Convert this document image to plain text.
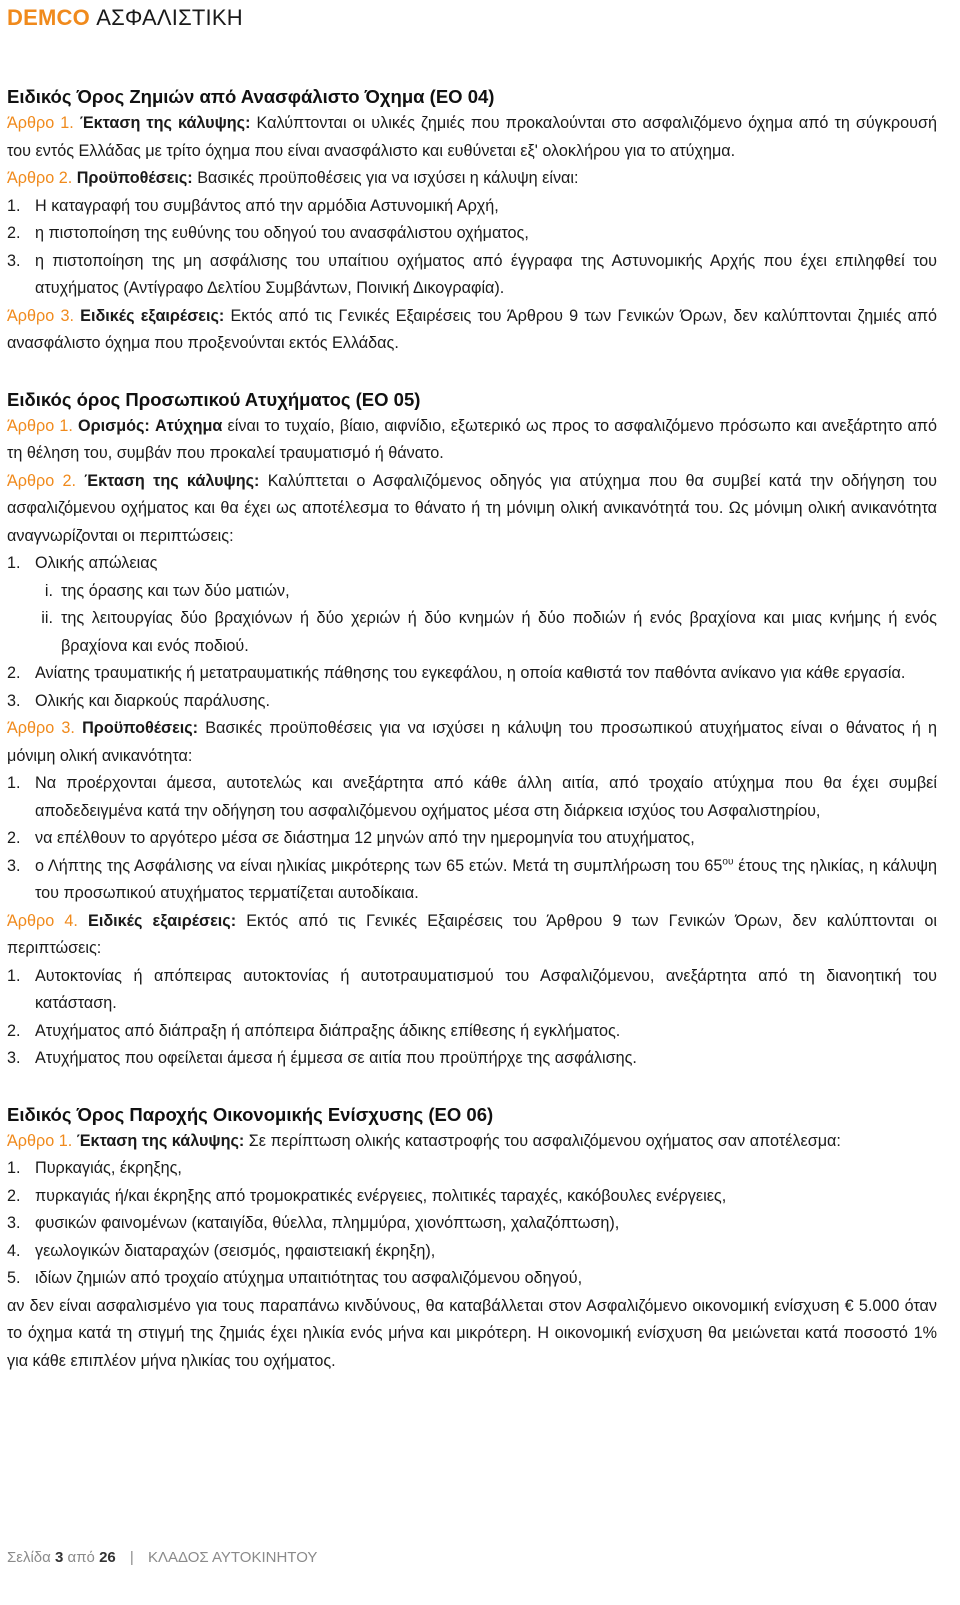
DEMCO ΑΣΦΑΛΙΣΤΙΚΗ

Ειδικός Όρος Ζημιών από Ανασφάλιστο Όχημα (ΕΟ 04)

Άρθρο 1. Έκταση της κάλυψης: Καλύπτονται οι υλικές ζημιές που προκαλούνται στο ασφαλιζόμενο όχημα από τη σύγκρουσή του εντός Ελλάδας με τρίτο όχημα που είναι ανασφάλιστο και ευθύνεται εξ' ολοκλήρου για το ατύχημα.

Άρθρο 2. Προϋποθέσεις: Βασικές προϋποθέσεις για να ισχύσει η κάλυψη είναι:

1. Η καταγραφή του συμβάντος από την αρμόδια Αστυνομική Αρχή,
2. η πιστοποίηση της ευθύνης του οδηγού του ανασφάλιστου οχήματος,
3. η πιστοποίηση της μη ασφάλισης του υπαίτιου οχήματος από έγγραφα της Αστυνομικής Αρχής που έχει επιληφθεί του ατυχήματος (Αντίγραφο Δελτίου Συμβάντων, Ποινική Δικογραφία).

Άρθρο 3. Ειδικές εξαιρέσεις: Εκτός από τις Γενικές Εξαιρέσεις του Άρθρου 9 των Γενικών Όρων, δεν καλύπτονται ζημιές από ανασφάλιστο όχημα που προξενούνται εκτός Ελλάδας.

Ειδικός όρος Προσωπικού Ατυχήματος (ΕΟ 05)

Άρθρο 1. Ορισμός: Ατύχημα είναι το τυχαίο, βίαιο, αιφνίδιο, εξωτερικό ως προς το ασφαλιζόμενο πρόσωπο και ανεξάρτητο από τη θέληση του, συμβάν που προκαλεί τραυματισμό ή θάνατο.

Άρθρο 2. Έκταση της κάλυψης: Καλύπτεται ο Ασφαλιζόμενος οδηγός για ατύχημα που θα συμβεί κατά την οδήγηση του ασφαλιζόμενου οχήματος και θα έχει ως αποτέλεσμα το θάνατο ή τη μόνιμη ολική ανικανότητά του. Ως μόνιμη ολική ανικανότητα αναγνωρίζονται οι περιπτώσεις:

1. Ολικής απώλειας
i. της όρασης και των δύο ματιών,
ii. της λειτουργίας δύο βραχιόνων ή δύο χεριών ή δύο κνημών ή δύο ποδιών ή ενός βραχίονα και μιας κνήμης ή ενός βραχίονα και ενός ποδιού.
2. Ανίατης τραυματικής ή μετατραυματικής πάθησης του εγκεφάλου, η οποία καθιστά τον παθόντα ανίκανο για κάθε εργασία.
3. Ολικής και διαρκούς παράλυσης.

Άρθρο 3. Προϋποθέσεις: Βασικές προϋποθέσεις για να ισχύσει η κάλυψη του προσωπικού ατυχήματος είναι ο θάνατος ή η μόνιμη ολική ανικανότητα:

1. Να προέρχονται άμεσα, αυτοτελώς και ανεξάρτητα από κάθε άλλη αιτία, από τροχαίο ατύχημα που θα έχει συμβεί αποδεδειγμένα κατά την οδήγηση του ασφαλιζόμενου οχήματος μέσα στη διάρκεια ισχύος του Ασφαλιστηρίου,
2. να επέλθουν το αργότερο μέσα σε διάστημα 12 μηνών από την ημερομηνία του ατυχήματος,
3. ο Λήπτης της Ασφάλισης να είναι ηλικίας μικρότερης των 65 ετών. Μετά τη συμπλήρωση του $65^{o\upsilon}$ έτους της ηλικίας, η κάλυψη του προσωπικού ατυχήματος τερματίζεται αυτοδίκαια.

Άρθρο 4. Ειδικές εξαιρέσεις: Εκτός από τις Γενικές Εξαιρέσεις του Άρθρου 9 των Γενικών Όρων, δεν καλύπτονται οι περιπτώσεις:

1. Αυτοκτονίας ή απόπειρας αυτοκτονίας ή αυτοτραυματισμού του Ασφαλιζόμενου, ανεξάρτητα από τη διανοητική του κατάσταση.
2. Ατυχήματος από διάπραξη ή απόπειρα διάπραξης άδικης επίθεσης ή εγκλήματος.
3. Ατυχήματος που οφείλεται άμεσα ή έμμεσα σε αιτία που προϋπήρχε της ασφάλισης.

Ειδικός Όρος Παροχής Οικονομικής Ενίσχυσης (ΕΟ 06)

Άρθρο 1. Έκταση της κάλυψης: Σε περίπτωση ολικής καταστροφής του ασφαλιζόμενου οχήματος σαν αποτέλεσμα:

1. Πυρκαγιάς, έκρηξης,
2. πυρκαγιάς ή/και έκρηξης από τρομοκρατικές ενέργειες, πολιτικές ταραχές, κακόβουλες ενέργειες,
3. φυσικών φαινομένων (καταιγίδα, θύελλα, πλημμύρα, χιονόπτωση, χαλαζόπτωση),
4. γεωλογικών διαταραχών (σεισμός, ηφαιστειακή έκρηξη),
5. ιδίων ζημιών από τροχαίο ατύχημα υπαιτιότητας του ασφαλιζόμενου οδηγού,

αν δεν είναι ασφαλισμένο για τους παραπάνω κινδύνους, θα καταβάλλεται στον Ασφαλιζόμενο οικονομική ενίσχυση € 5.000 όταν το όχημα κατά τη στιγμή της ζημιάς έχει ηλικία ενός μήνα και μικρότερη. Η οικονομική ενίσχυση θα μειώνεται κατά ποσοστό 1% για κάθε επιπλέον μήνα ηλικίας του οχήματος.

Σελίδα 3 από 26 | ΚΛΑΔΟΣ ΑΥΤΟΚΙΝΗΤΟΥ
